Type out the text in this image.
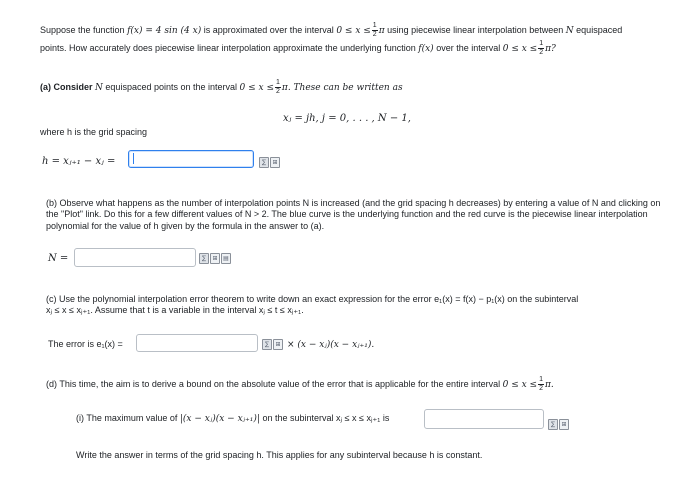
Suppose the function f(x) = 4 sin (4 x) is approximated over the interval $0 \le x \le \frac{1}{2}$ π using piecewise linear interpolation between N equispaced
points. How accurately does piecewise linear interpolation approximate the underlying function f(x) over the interval $0 \le x \le \frac{1}{2} \pi$?
(a) Consider N equispaced points on the interval $0 \le x \le \frac{1}{2} \pi$. These can be written as
xⱼ = jh, j = 0, . . . , N − 1,
where h is the grid spacing
h = xⱼ₊₁ − xⱼ =	∑	⊞
(b) Observe what happens as the number of interpolation points N is increased (and the grid spacing h decreases) by entering a value of N and clicking on
the "Plot" link. Do this for a few different values of N > 2. The blue curve is the underlying function and the red curve is the piecewise linear interpolation
polynomial for the value of h given by the formula in the answer to (a).
N =	∑	⊞ ▤
(c) Use the polynomial interpolation error theorem to write down an exact expression for the error e₁(x) = f(x) − p₁(x) on the subinterval
xⱼ ≤ x ≤ xⱼ₊₁. Assume that t is a variable in the interval xⱼ ≤ t ≤ xⱼ₊₁.
The error is e₁(x) =	∑	⊞ × (x − xⱼ)(x − xⱼ₊₁).
(d) This time, the aim is to derive a bound on the absolute value of the error that is applicable for the entire interval $0 \le x \le \frac{1}{2} \pi$.
(i) The maximum value of |(x − xⱼ)(x − xⱼ₊₁)| on the subinterval xⱼ ≤ x ≤ xⱼ₊₁ is
∑	⊞
Write the answer in terms of the grid spacing h. This applies for any subinterval because h is constant.
